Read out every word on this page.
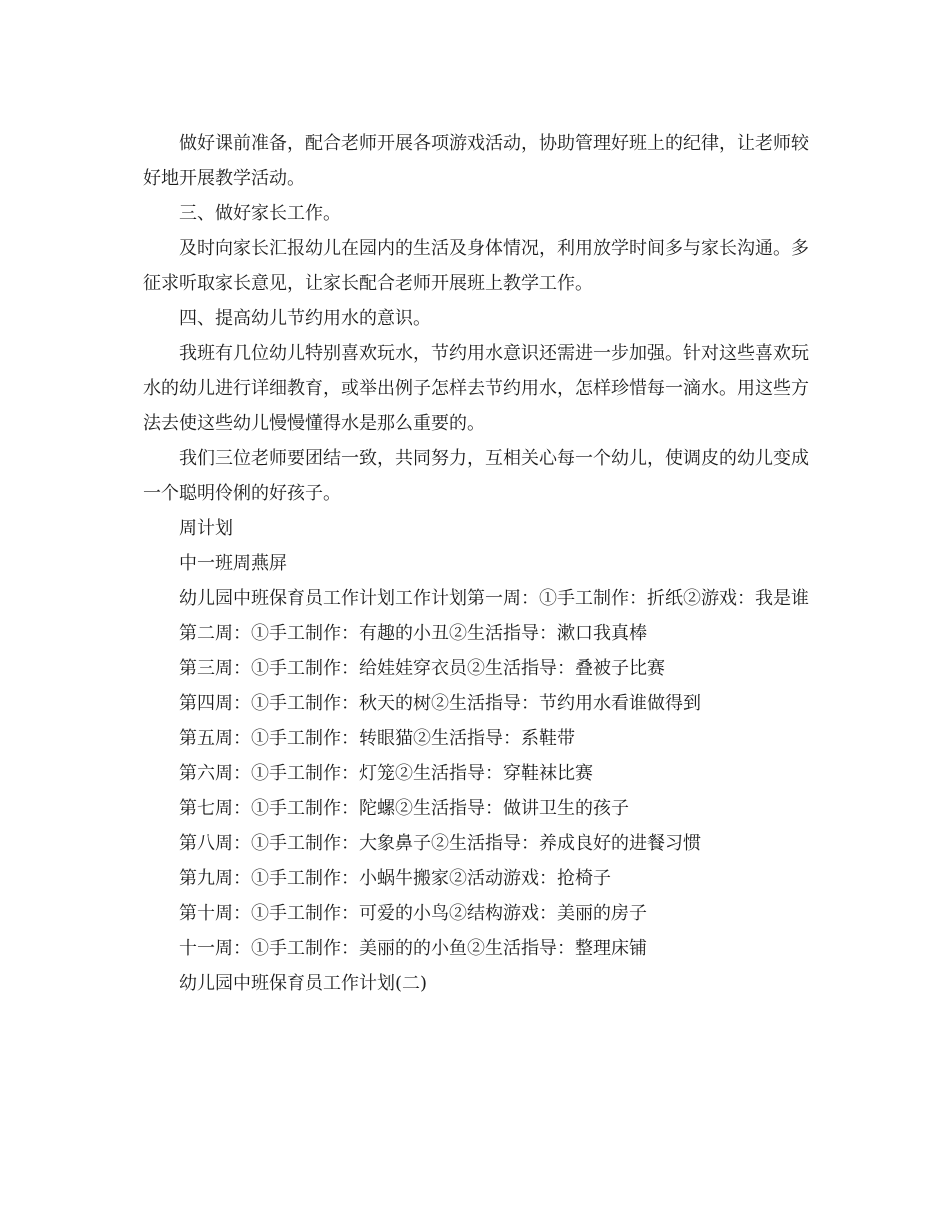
做好课前准备，配合老师开展各项游戏活动，协助管理好班上的纪律，让老师较好地开展教学活动。

三、做好家长工作。

及时向家长汇报幼儿在园内的生活及身体情况，利用放学时间多与家长沟通。多征求听取家长意见，让家长配合老师开展班上教学工作。

四、提高幼儿节约用水的意识。

我班有几位幼儿特别喜欢玩水，节约用水意识还需进一步加强。针对这些喜欢玩水的幼儿进行详细教育，或举出例子怎样去节约用水，怎样珍惜每一滴水。用这些方法去使这些幼儿慢慢懂得水是那么重要的。

我们三位老师要团结一致，共同努力，互相关心每一个幼儿，使调皮的幼儿变成一个聪明伶俐的好孩子。

周计划

中一班周燕屏

幼儿园中班保育员工作计划工作计划第一周：①手工制作：折纸②游戏：我是谁

第二周：①手工制作：有趣的小丑②生活指导：漱口我真棒

第三周：①手工制作：给娃娃穿衣员②生活指导：叠被子比赛

第四周：①手工制作：秋天的树②生活指导：节约用水看谁做得到

第五周：①手工制作：转眼猫②生活指导：系鞋带

第六周：①手工制作：灯笼②生活指导：穿鞋袜比赛

第七周：①手工制作：陀螺②生活指导：做讲卫生的孩子

第八周：①手工制作：大象鼻子②生活指导：养成良好的进餐习惯

第九周：①手工制作：小蜗牛搬家②活动游戏：抢椅子

第十周：①手工制作：可爱的小鸟②结构游戏：美丽的房子

十一周：①手工制作：美丽的的小鱼②生活指导：整理床铺

幼儿园中班保育员工作计划(二)
